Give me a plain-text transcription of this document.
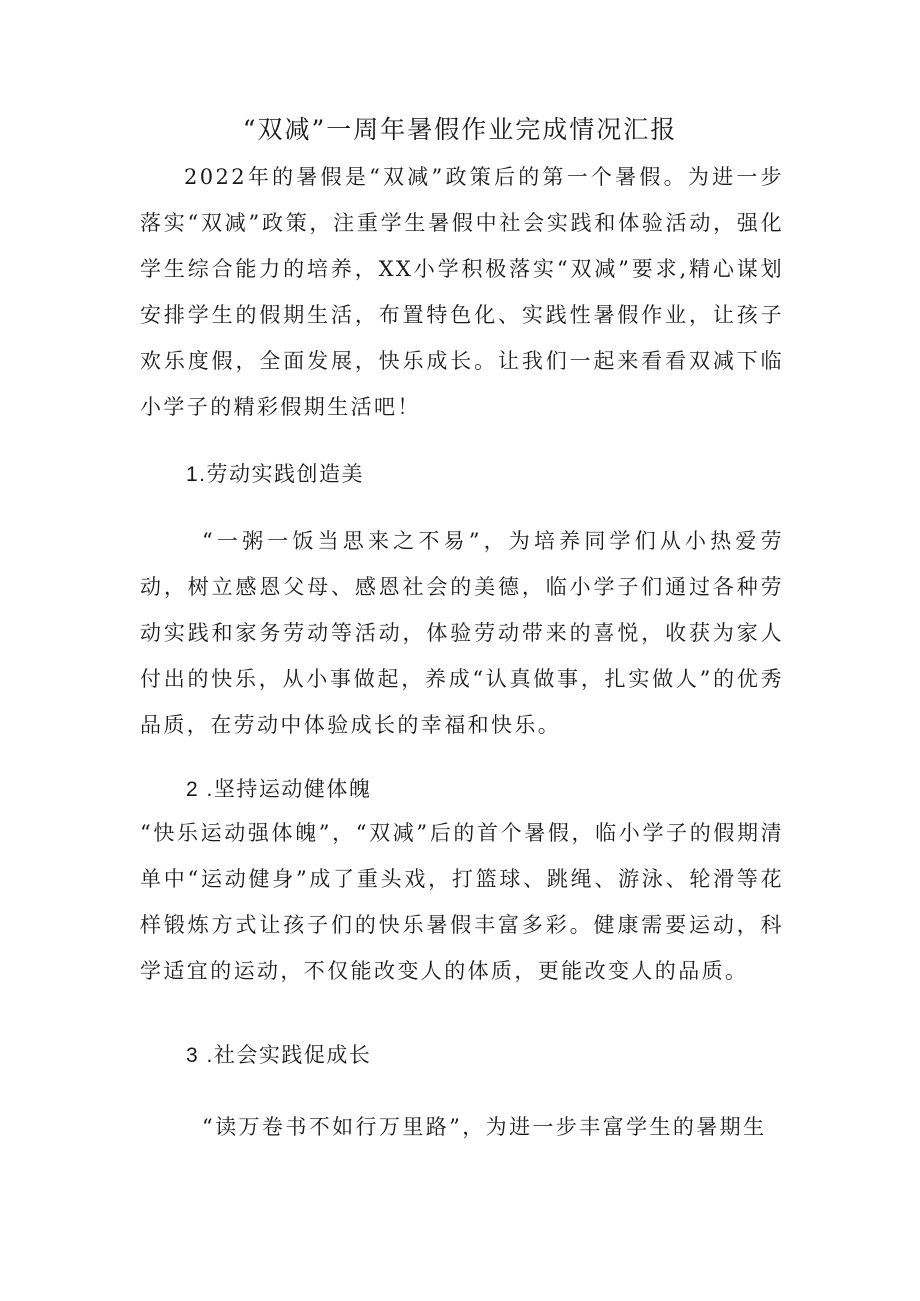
“双减”一周年暑假作业完成情况汇报
2022年的暑假是“双减”政策后的第一个暑假。为进一步落实“双减”政策，注重学生暑假中社会实践和体验活动，强化学生综合能力的培养，XX小学积极落实“双减”要求,精心谋划安排学生的假期生活，布置特色化、实践性暑假作业，让孩子欢乐度假，全面发展，快乐成长。让我们一起来看看双减下临小学子的精彩假期生活吧！
1.劳动实践创造美
“一粥一饭当思来之不易”，为培养同学们从小热爱劳动，树立感恩父母、感恩社会的美德，临小学子们通过各种劳动实践和家务劳动等活动，体验劳动带来的喜悦，收获为家人付出的快乐，从小事做起，养成“认真做事，扎实做人”的优秀品质，在劳动中体验成长的幸福和快乐。
2 .坚持运动健体魄
“快乐运动强体魄”，“双减”后的首个暑假，临小学子的假期清单中“运动健身”成了重头戏，打篮球、跳绳、游泳、轮滑等花样锻炼方式让孩子们的快乐暑假丰富多彩。健康需要运动，科学适宜的运动，不仅能改变人的体质，更能改变人的品质。
3 .社会实践促成长
“读万卷书不如行万里路”，为进一步丰富学生的暑期生
